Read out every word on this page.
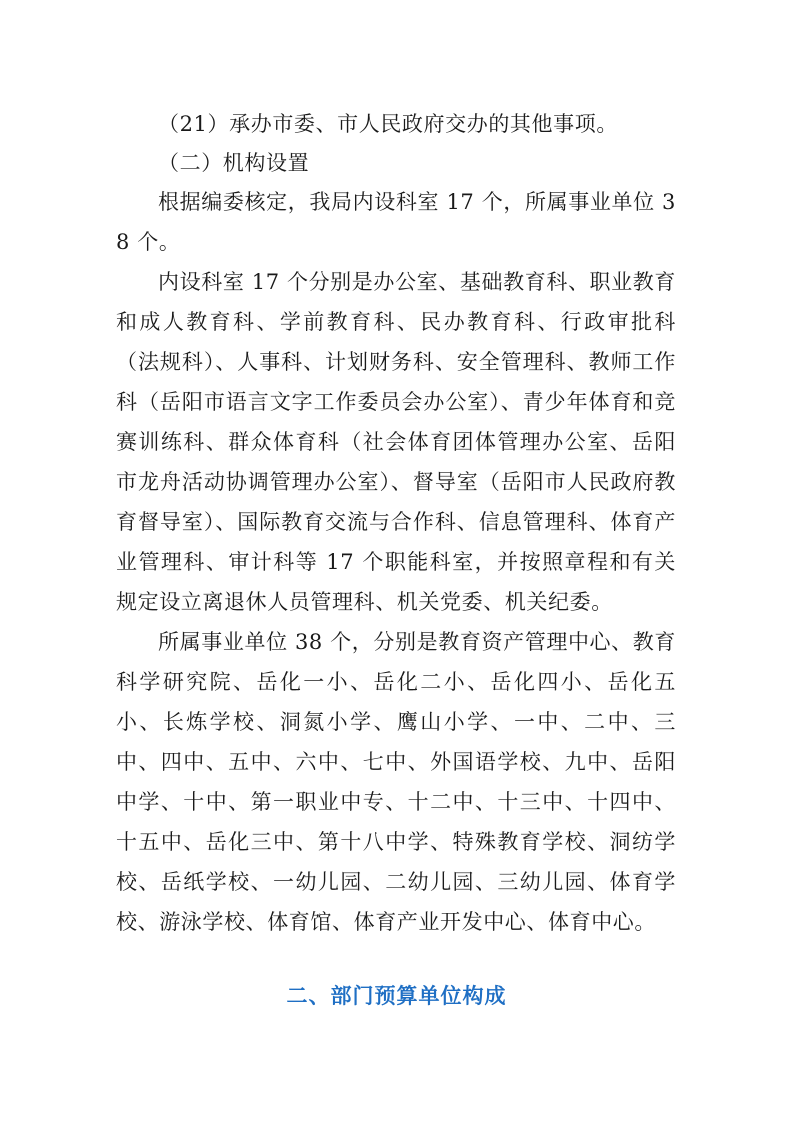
（21）承办市委、市人民政府交办的其他事项。

（二）机构设置

根据编委核定，我局内设科室 17 个，所属事业单位 38 个。

内设科室 17 个分别是办公室、基础教育科、职业教育和成人教育科、学前教育科、民办教育科、行政审批科（法规科）、人事科、计划财务科、安全管理科、教师工作科（岳阳市语言文字工作委员会办公室）、青少年体育和竞赛训练科、群众体育科（社会体育团体管理办公室、岳阳市龙舟活动协调管理办公室）、督导室（岳阳市人民政府教育督导室）、国际教育交流与合作科、信息管理科、体育产业管理科、审计科等 17 个职能科室，并按照章程和有关规定设立离退休人员管理科、机关党委、机关纪委。

所属事业单位 38 个，分别是教育资产管理中心、教育科学研究院、岳化一小、岳化二小、岳化四小、岳化五小、长炼学校、洞氮小学、鹰山小学、一中、二中、三中、四中、五中、六中、七中、外国语学校、九中、岳阳中学、十中、第一职业中专、十二中、十三中、十四中、十五中、岳化三中、第十八中学、特殊教育学校、洞纺学校、岳纸学校、一幼儿园、二幼儿园、三幼儿园、体育学校、游泳学校、体育馆、体育产业开发中心、体育中心。

二、部门预算单位构成
